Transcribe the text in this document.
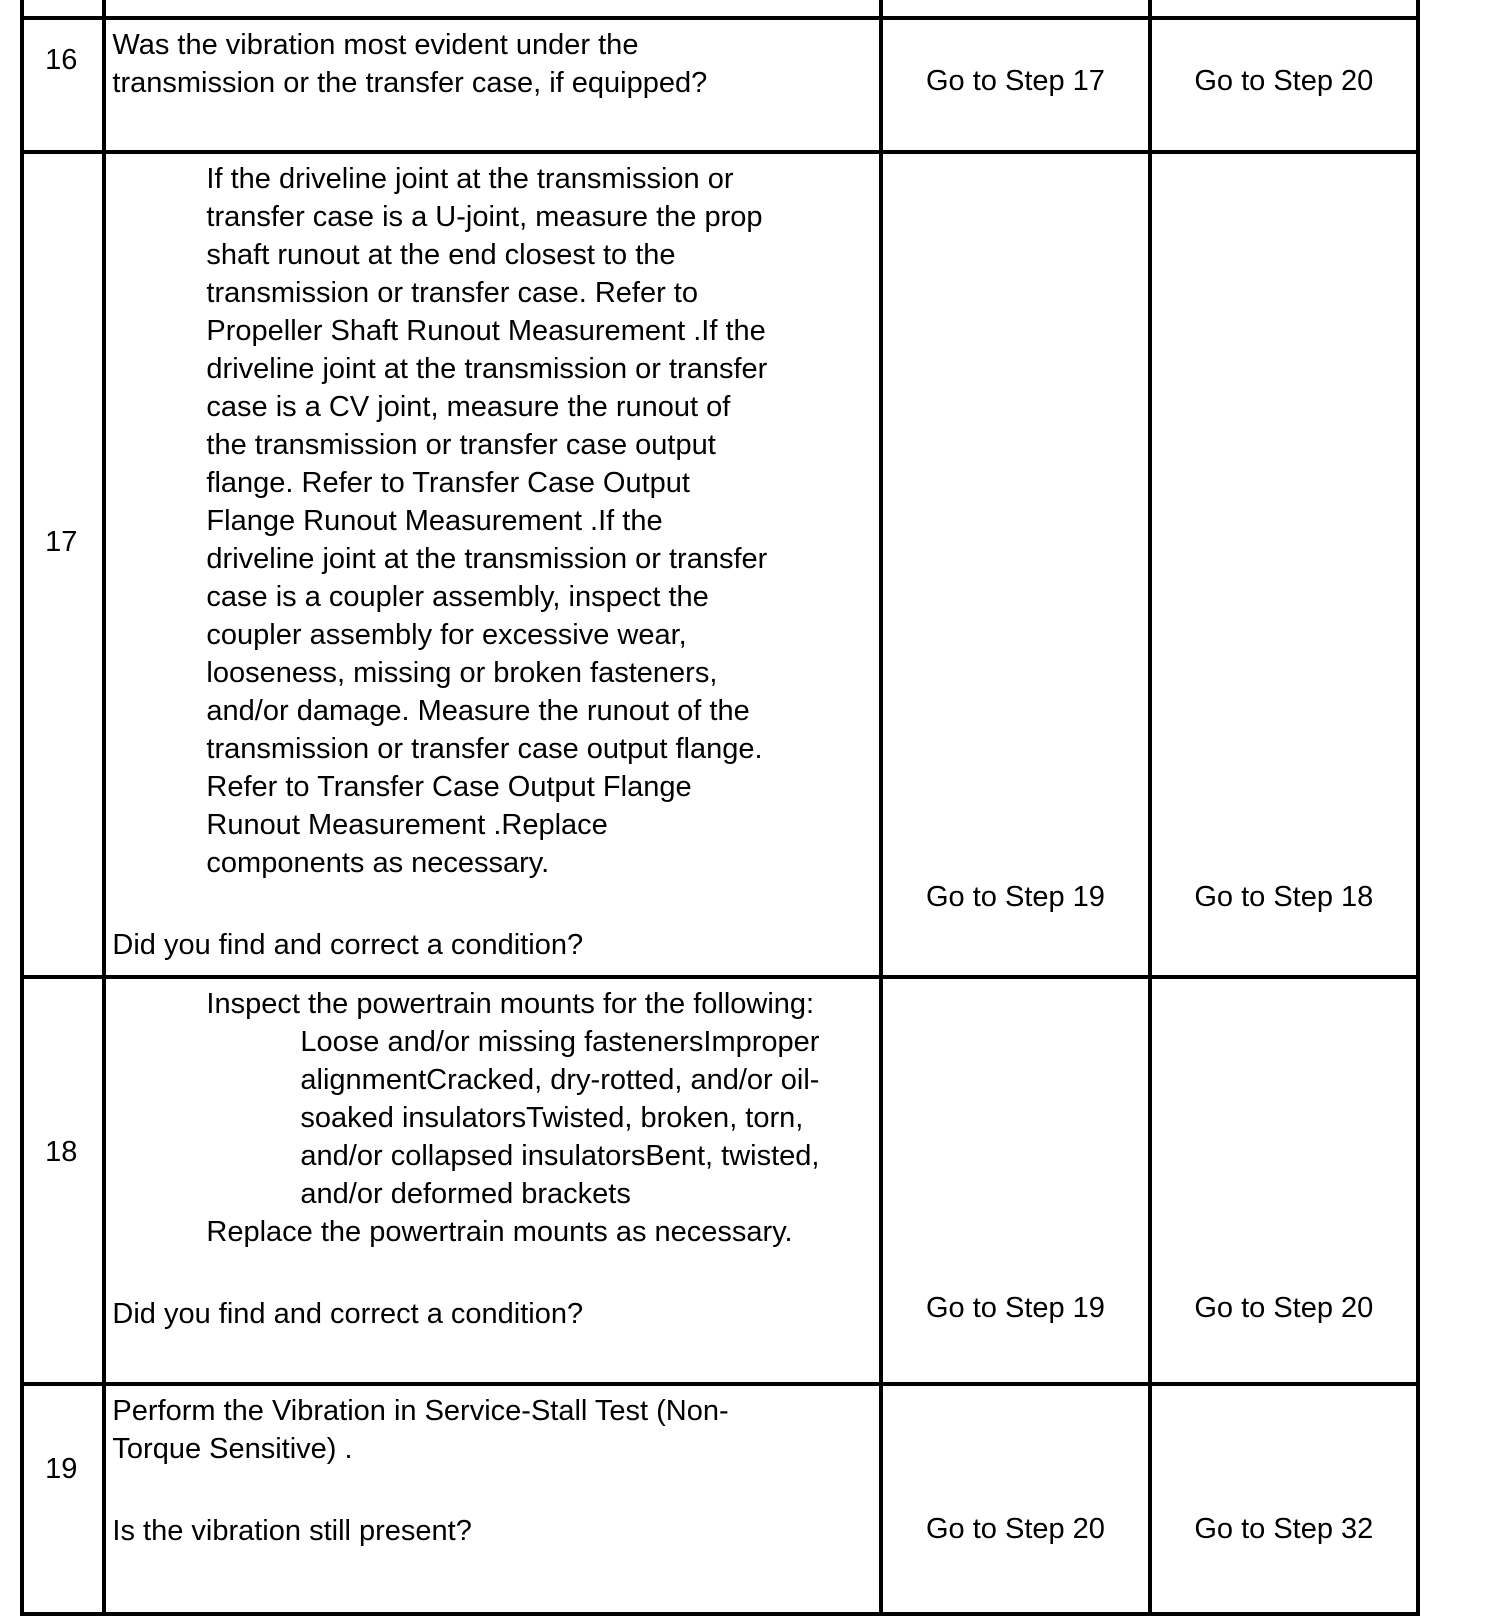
16	Was the vibration most evident under the transmission or the transfer case, if equipped?	Go to Step 17	Go to Step 20

17	If the driveline joint at the transmission or transfer case is a U-joint, measure the prop shaft runout at the end closest to the transmission or transfer case. Refer to Propeller Shaft Runout Measurement .If the driveline joint at the transmission or transfer case is a CV joint, measure the runout of the transmission or transfer case output flange. Refer to Transfer Case Output Flange Runout Measurement .If the driveline joint at the transmission or transfer case is a coupler assembly, inspect the coupler assembly for excessive wear, looseness, missing or broken fasteners, and/or damage. Measure the runout of the transmission or transfer case output flange. Refer to Transfer Case Output Flange Runout Measurement .Replace components as necessary.
Did you find and correct a condition?	Go to Step 19	Go to Step 18

18	Inspect the powertrain mounts for the following:
Loose and/or missing fastenersImproper alignmentCracked, dry-rotted, and/or oil-soaked insulatorsTwisted, broken, torn, and/or collapsed insulatorsBent, twisted, and/or deformed brackets
Replace the powertrain mounts as necessary.
Did you find and correct a condition?	Go to Step 19	Go to Step 20

19	Perform the Vibration in Service-Stall Test (Non-Torque Sensitive) .
Is the vibration still present?	Go to Step 20	Go to Step 32
